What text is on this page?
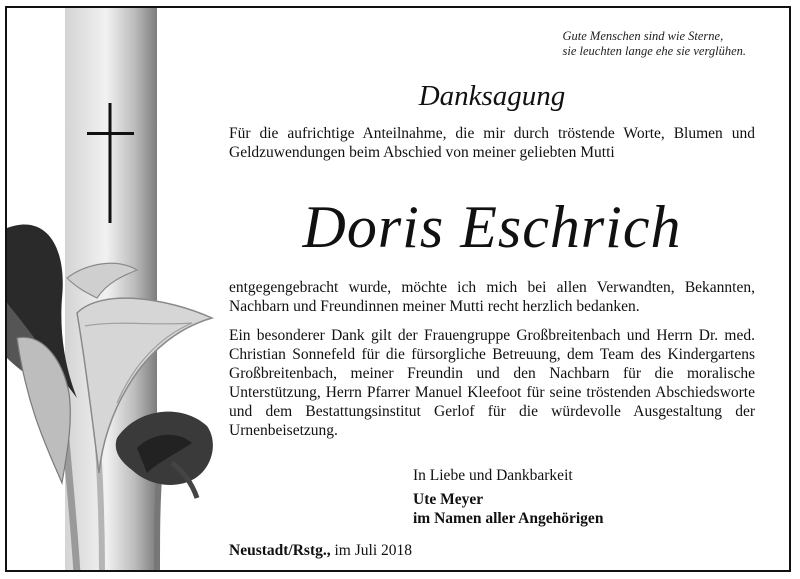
Gute Menschen sind wie Sterne,
sie leuchten lange ehe sie verglühen.
Danksagung
Für die aufrichtige Anteilnahme, die mir durch tröstende Worte, Blumen und Geldzuwendungen beim Abschied von meiner geliebten Mutti
Doris Eschrich
entgegengebracht wurde, möchte ich mich bei allen Verwandten, Bekannten, Nachbarn und Freundinnen meiner Mutti recht herzlich bedanken.
Ein besonderer Dank gilt der Frauengruppe Großbreitenbach und Herrn Dr. med. Christian Sonnefeld für die fürsorgliche Betreuung, dem Team des Kindergartens Großbreitenbach, meiner Freundin und den Nachbarn für die moralische Unterstützung, Herrn Pfarrer Manuel Kleefoot für seine tröstenden Abschiedsworte und dem Bestattungsinstitut Gerlof für die würdevolle Ausgestaltung der Urnenbeisetzung.
In Liebe und Dankbarkeit
Ute Meyer
im Namen aller Angehörigen
Neustadt/Rstg., im Juli 2018
